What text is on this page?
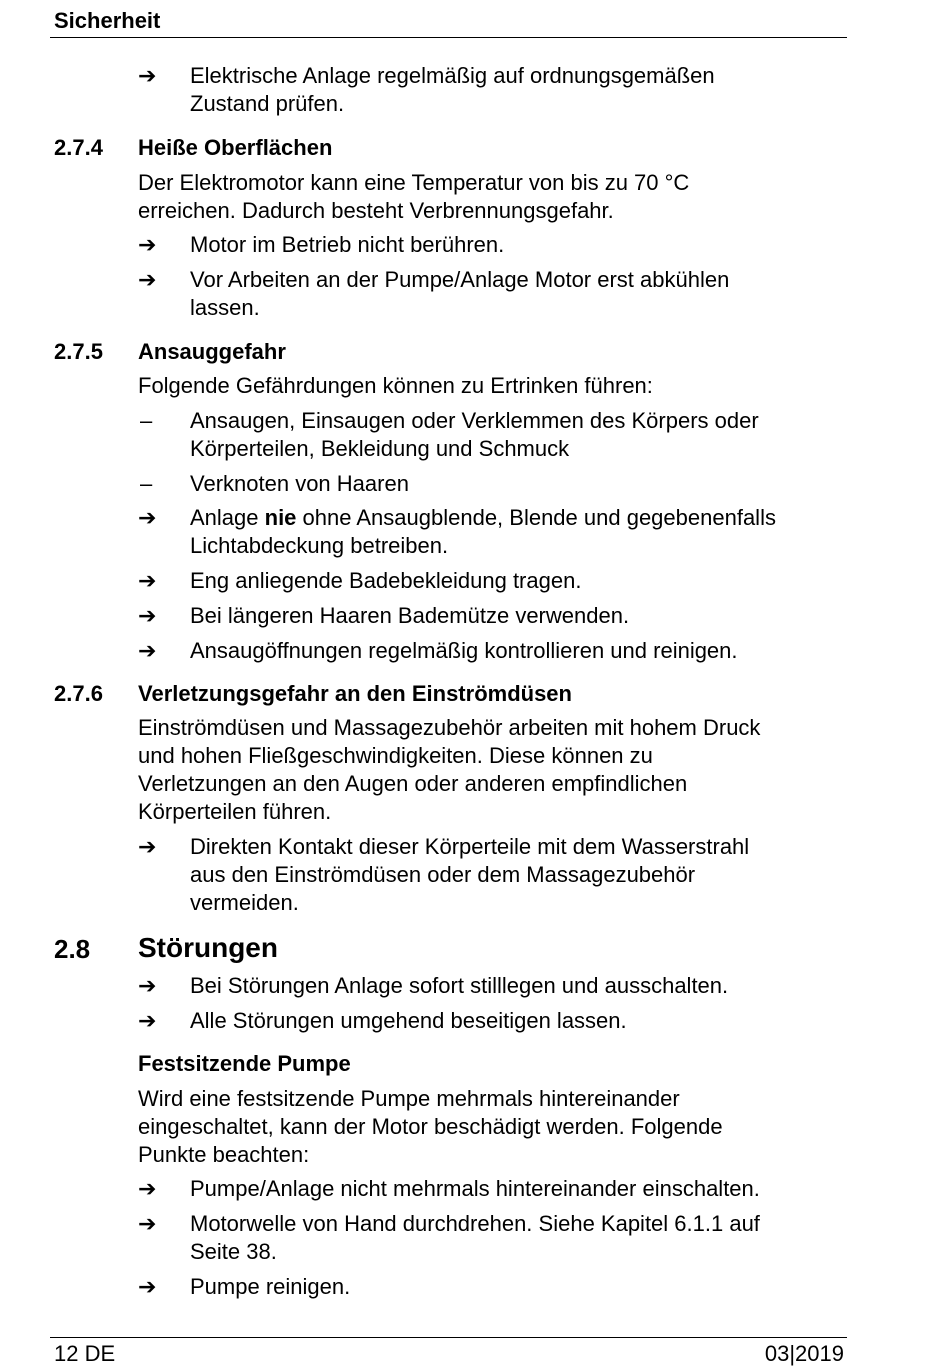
Sicherheit
➔ Elektrische Anlage regelmäßig auf ordnungsgemäßen
Zustand prüfen.
2.7.4 Heiße Oberflächen
Der Elektromotor kann eine Temperatur von bis zu 70 °C
erreichen. Dadurch besteht Verbrennungsgefahr.
➔ Motor im Betrieb nicht berühren.
➔ Vor Arbeiten an der Pumpe/Anlage Motor erst abkühlen
lassen.
2.7.5 Ansauggefahr
Folgende Gefährdungen können zu Ertrinken führen:
– Ansaugen, Einsaugen oder Verklemmen des Körpers oder
Körperteilen, Bekleidung und Schmuck
– Verknoten von Haaren
➔ Anlage nie ohne Ansaugblende, Blende und gegebenenfalls
Lichtabdeckung betreiben.
➔ Eng anliegende Badebekleidung tragen.
➔ Bei längeren Haaren Bademütze verwenden.
➔ Ansaugöffnungen regelmäßig kontrollieren und reinigen.
2.7.6 Verletzungsgefahr an den Einströmdüsen
Einströmdüsen und Massagezubehör arbeiten mit hohem Druck
und hohen Fließgeschwindigkeiten. Diese können zu
Verletzungen an den Augen oder anderen empfindlichen
Körperteilen führen.
➔ Direkten Kontakt dieser Körperteile mit dem Wasserstrahl
aus den Einströmdüsen oder dem Massagezubehör
vermeiden.
2.8 Störungen
➔ Bei Störungen Anlage sofort stilllegen und ausschalten.
➔ Alle Störungen umgehend beseitigen lassen.
Festsitzende Pumpe
Wird eine festsitzende Pumpe mehrmals hintereinander
eingeschaltet, kann der Motor beschädigt werden. Folgende
Punkte beachten:
➔ Pumpe/Anlage nicht mehrmals hintereinander einschalten.
➔ Motorwelle von Hand durchdrehen. Siehe Kapitel 6.1.1 auf
Seite 38.
➔ Pumpe reinigen.
12 DE	03|2019
